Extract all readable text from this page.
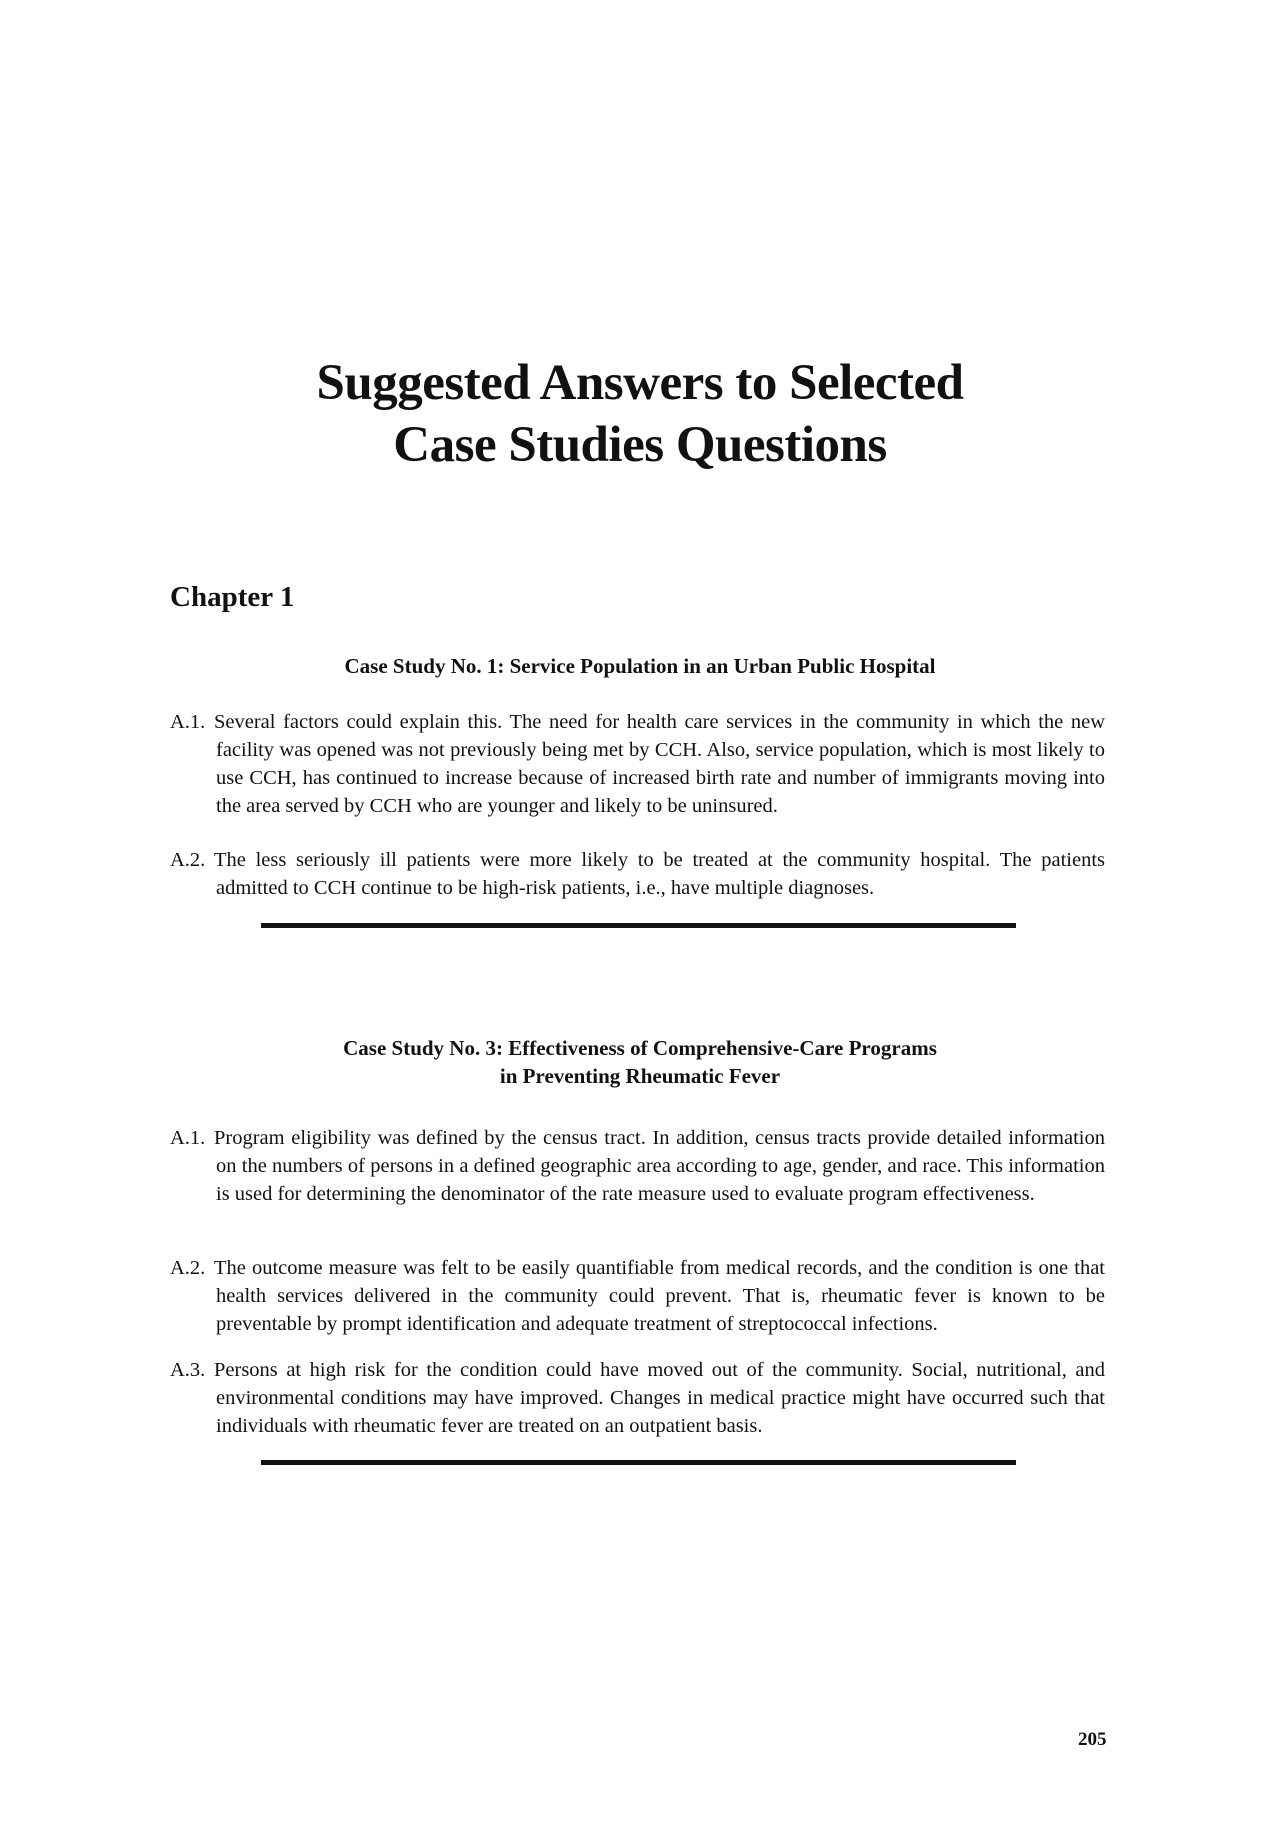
Suggested Answers to Selected
Case Studies Questions
Chapter 1
Case Study No. 1: Service Population in an Urban Public Hospital
A.1. Several factors could explain this. The need for health care services in the community in which the new facility was opened was not previously being met by CCH. Also, service population, which is most likely to use CCH, has continued to increase because of increased birth rate and number of immigrants moving into the area served by CCH who are younger and likely to be uninsured.
A.2. The less seriously ill patients were more likely to be treated at the community hospital. The patients admitted to CCH continue to be high-risk patients, i.e., have multiple diagnoses.
Case Study No. 3: Effectiveness of Comprehensive-Care Programs
in Preventing Rheumatic Fever
A.1. Program eligibility was defined by the census tract. In addition, census tracts provide detailed information on the numbers of persons in a defined geographic area according to age, gender, and race. This information is used for determining the denominator of the rate measure used to evaluate program effectiveness.
A.2. The outcome measure was felt to be easily quantifiable from medical records, and the condition is one that health services delivered in the community could prevent. That is, rheumatic fever is known to be preventable by prompt identification and adequate treatment of streptococcal infections.
A.3. Persons at high risk for the condition could have moved out of the community. Social, nutritional, and environmental conditions may have improved. Changes in medical practice might have occurred such that individuals with rheumatic fever are treated on an outpatient basis.
205
